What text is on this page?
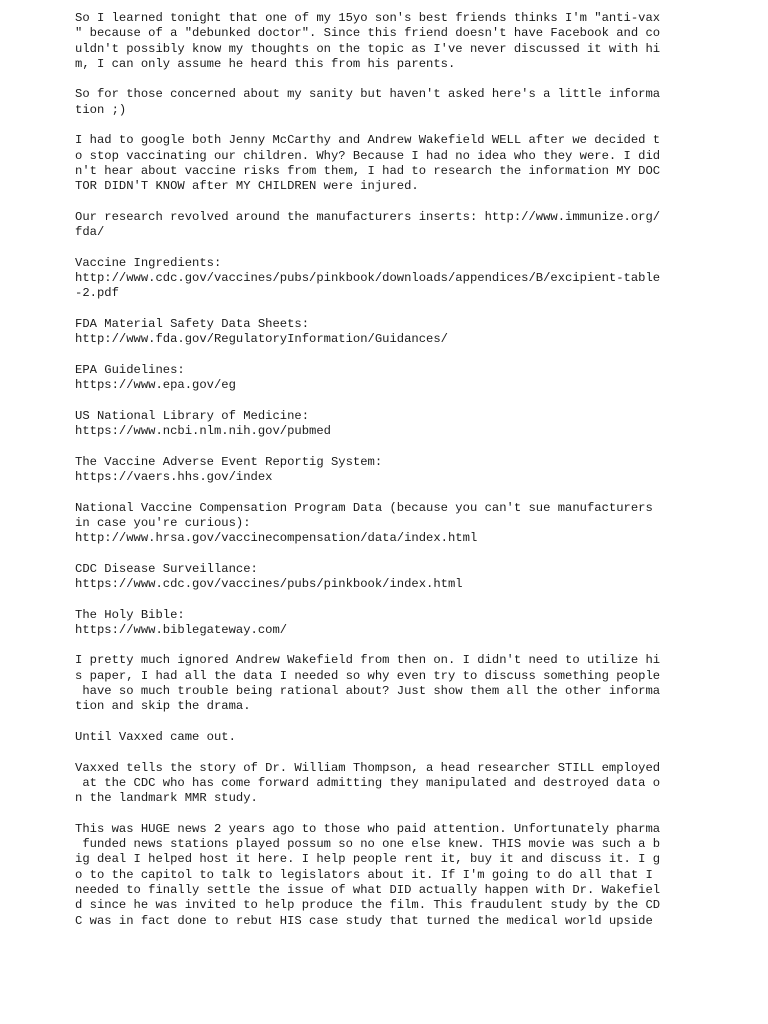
So I learned tonight that one of my 15yo son's best friends thinks I'm "anti-vax
" because of a "debunked doctor". Since this friend doesn't have Facebook and co
uldn't possibly know my thoughts on the topic as I've never discussed it with hi
m, I can only assume he heard this from his parents.
So for those concerned about my sanity but haven't asked here's a little informa
tion ;)
I had to google both Jenny McCarthy and Andrew Wakefield WELL after we decided t
o stop vaccinating our children. Why? Because I had no idea who they were. I did
n't hear about vaccine risks from them, I had to research the information MY DOC
TOR DIDN'T KNOW after MY CHILDREN were injured.
Our research revolved around the manufacturers inserts: http://www.immunize.org/
fda/
Vaccine Ingredients:
http://www.cdc.gov/vaccines/pubs/pinkbook/downloads/appendices/B/excipient-table
-2.pdf
FDA Material Safety Data Sheets:
http://www.fda.gov/RegulatoryInformation/Guidances/
EPA Guidelines:
https://www.epa.gov/eg
US National Library of Medicine:
https://www.ncbi.nlm.nih.gov/pubmed
The Vaccine Adverse Event Reportig System:
https://vaers.hhs.gov/index
National Vaccine Compensation Program Data (because you can't sue manufacturers
in case you're curious):
http://www.hrsa.gov/vaccinecompensation/data/index.html
CDC Disease Surveillance:
https://www.cdc.gov/vaccines/pubs/pinkbook/index.html
The Holy Bible:
https://www.biblegateway.com/
I pretty much ignored Andrew Wakefield from then on. I didn't need to utilize hi
s paper, I had all the data I needed so why even try to discuss something people
have so much trouble being rational about? Just show them all the other informa
tion and skip the drama.
Until Vaxxed came out.
Vaxxed tells the story of Dr. William Thompson, a head researcher STILL employed
at the CDC who has come forward admitting they manipulated and destroyed data o
n the landmark MMR study.
This was HUGE news 2 years ago to those who paid attention. Unfortunately pharma
funded news stations played possum so no one else knew. THIS movie was such a b
ig deal I helped host it here. I help people rent it, buy it and discuss it. I g
o to the capitol to talk to legislators about it. If I'm going to do all that I
needed to finally settle the issue of what DID actually happen with Dr. Wakefiel
d since he was invited to help produce the film. This fraudulent study by the CD
C was in fact done to rebut HIS case study that turned the medical world upside
